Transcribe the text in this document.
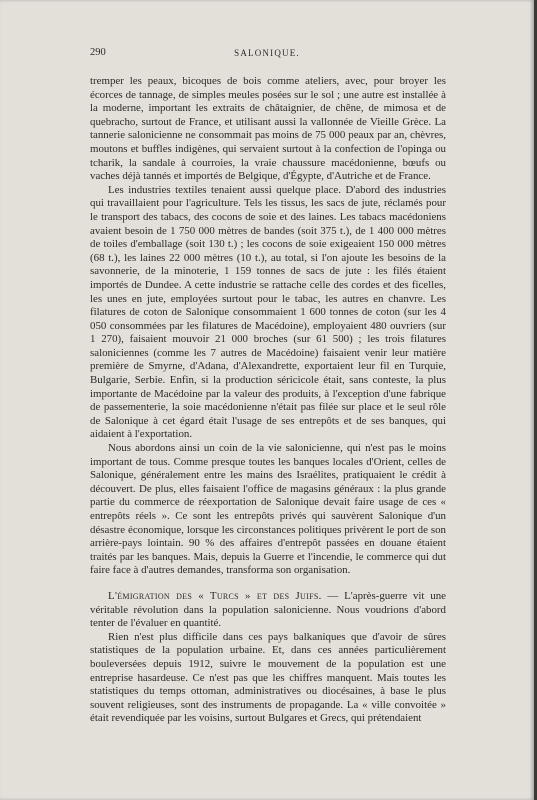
290	SALONIQUE.

tremper les peaux, bicoques de bois comme ateliers, avec, pour broyer les écorces de tannage, de simples meules posées sur le sol ; une autre est installée à la moderne, important les extraits de châtaignier, de chêne, de mimosa et de quebracho, surtout de France, et utilisant aussi la vallonnée de Vieille Grèce. La tannerie salonicienne ne consommait pas moins de 75 000 peaux par an, chèvres, moutons et buffles indigènes, qui servaient surtout à la confection de l'opinga ou tcharik, la sandale à courroies, la vraie chaussure macédonienne, bœufs ou vaches déjà tannés et importés de Belgique, d'Égypte, d'Autriche et de France.

Les industries textiles tenaient aussi quelque place. D'abord des industries qui travaillaient pour l'agriculture. Tels les tissus, les sacs de jute, réclamés pour le transport des tabacs, des cocons de soie et des laines. Les tabacs macédoniens avaient besoin de 1 750 000 mètres de bandes (soit 375 t.), de 1 400 000 mètres de toiles d'emballage (soit 130 t.) ; les cocons de soie exigeaient 150 000 mètres (68 t.), les laines 22 000 mètres (10 t.), au total, si l'on ajoute les besoins de la savonnerie, de la minoterie, 1 159 tonnes de sacs de jute : les filés étaient importés de Dundee. A cette industrie se rattache celle des cordes et des ficelles, les unes en jute, employées surtout pour le tabac, les autres en chanvre. Les filatures de coton de Salonique consommaient 1 600 tonnes de coton (sur les 4 050 consommées par les filatures de Macédoine), employaient 480 ouvriers (sur 1 270), faisaient mouvoir 21 000 broches (sur 61 500) ; les trois filatures saloniciennes (comme les 7 autres de Macédoine) faisaient venir leur matière première de Smyrne, d'Adana, d'Alexandrette, exportaient leur fil en Turquie, Bulgarie, Serbie. Enfin, si la production séricicole était, sans conteste, la plus importante de Macédoine par la valeur des produits, à l'exception d'une fabrique de passementerie, la soie macédonienne n'était pas filée sur place et le seul rôle de Salonique à cet égard était l'usage de ses entrepôts et de ses banques, qui aidaient à l'exportation.

Nous abordons ainsi un coin de la vie salonicienne, qui n'est pas le moins important de tous. Comme presque toutes les banques locales d'Orient, celles de Salonique, généralement entre les mains des Israélites, pratiquaient le crédit à découvert. De plus, elles faisaient l'office de magasins généraux : la plus grande partie du commerce de réexportation de Salonique devait faire usage de ces « entrepôts réels ». Ce sont les entrepôts privés qui sauvèrent Salonique d'un désastre économique, lorsque les circonstances politiques privèrent le port de son arrière-pays lointain. 90 % des affaires d'entrepôt passées en douane étaient traités par les banques. Mais, depuis la Guerre et l'incendie, le commerce qui dut faire face à d'autres demandes, transforma son organisation.

L'émigration des « Turcs » et des Juifs. — L'après-guerre vit une véritable révolution dans la population salonicienne. Nous voudrions d'abord tenter de l'évaluer en quantité.

Rien n'est plus difficile dans ces pays balkaniques que d'avoir de sûres statistiques de la population urbaine. Et, dans ces années particulièrement bouleversées depuis 1912, suivre le mouvement de la population est une entreprise hasardeuse. Ce n'est pas que les chiffres manquent. Mais toutes les statistiques du temps ottoman, administratives ou diocésaines, à base le plus souvent religieuses, sont des instruments de propagande. La « ville convoitée » était revendiquée par les voisins, surtout Bulgares et Grecs, qui prétendaient
